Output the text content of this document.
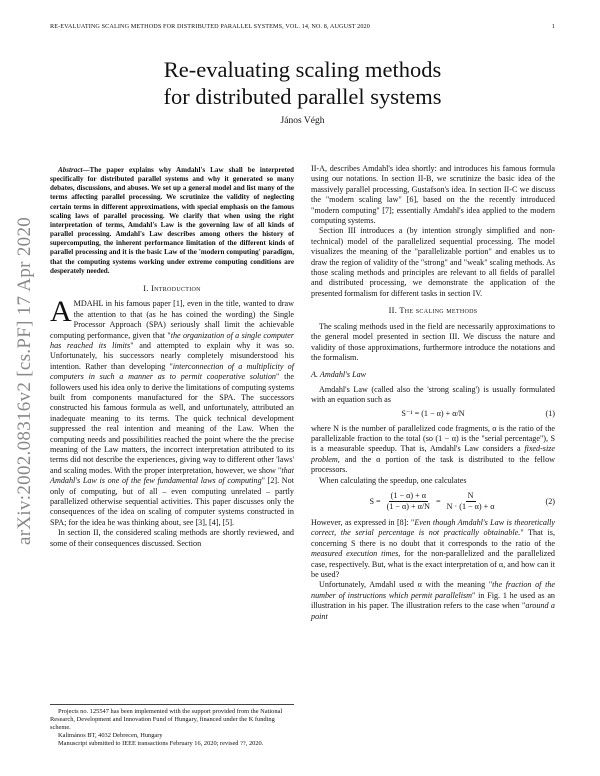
RE-EVALUATING SCALING METHODS FOR DISTRIBUTED PARALLEL SYSTEMS, VOL. 14, NO. 8, AUGUST 2020	1
arXiv:2002.08316v2 [cs.PF] 17 Apr 2020
Re-evaluating scaling methods
for distributed parallel systems
János Végh

Abstract—The paper explains why Amdahl's Law shall be interpreted specifically for distributed parallel systems and why it generated so many debates, discussions, and abuses. We set up a general model and list many of the terms affecting parallel processing. We scrutinize the validity of neglecting certain terms in different approximations, with special emphasis on the famous scaling laws of parallel processing. We clarify that when using the right interpretation of terms, Amdahl's Law is the governing law of all kinds of parallel processing. Amdahl's Law describes among others the history of supercomputing, the inherent performance limitation of the different kinds of parallel processing and it is the basic Law of the 'modern computing' paradigm, that the computing systems working under extreme computing conditions are desperately needed.

I. Introduction

AMDAHL in his famous paper [1], even in the title, wanted to draw the attention to that (as he has coined the wording) the Single Processor Approach (SPA) seriously shall limit the achievable computing performance, given that "the organization of a single computer has reached its limits" and attempted to explain why it was so. Unfortunately, his successors nearly completely misunderstood his intention. Rather than developing "interconnection of a multiplicity of computers in such a manner as to permit cooperative solution" the followers used his idea only to derive the limitations of computing systems built from components manufactured for the SPA. The successors constructed his famous formula as well, and unfortunately, attributed an inadequate meaning to its terms. The quick technical development suppressed the real intention and meaning of the Law. When the computing needs and possibilities reached the point where the the precise meaning of the Law matters, the incorrect interpretation attributed to its terms did not describe the experiences, giving way to different other 'laws' and scaling modes. With the proper interpretation, however, we show "that Amdahl's Law is one of the few fundamental laws of computing" [2]. Not only of computing, but of all – even computing unrelated – partly parallelized otherwise sequential activities. This paper discusses only the consequences of the idea on scaling of computer systems constructed in SPA; for the idea he was thinking about, see [3], [4], [5].

In section II, the considered scaling methods are shortly reviewed, and some of their consequences discussed. Section

Projects no. 125547 has been implemented with the support provided from the National Research, Development and Innovation Fund of Hungary, financed under the K funding scheme.

Kalimános BT, 4032 Debrecen, Hungary

Manuscript submitted to IEEE transactions February 16, 2020; revised ??, 2020.

II-A, describes Amdahl's idea shortly: and introduces his famous formula using our notations. In section II-B, we scrutinize the basic idea of the massively parallel processing, Gustafson's idea. In section II-C we discuss the "modern scaling law" [6], based on the the recently introduced "modern computing" [7]; essentially Amdahl's idea applied to the modern computing systems.

Section III introduces a (by intention strongly simplified and non-technical) model of the parallelized sequential processing. The model visualizes the meaning of the "parallelizable portion" and enables us to draw the region of validity of the "strong" and "weak" scaling methods. As those scaling methods and principles are relevant to all fields of parallel and distributed processing, we demonstrate the application of the presented formalism for different tasks in section IV.

II. The scaling methods

The scaling methods used in the field are necessarily approximations to the general model presented in section III. We discuss the nature and validity of those approximations, furthermore introduce the notations and the formalism.

A. Amdahl's Law

Amdahl's Law (called also the 'strong scaling') is usually formulated with an equation such as

S⁻¹ = (1 − α) + α/N	(1)

where N is the number of parallelized code fragments, α is the ratio of the parallelizable fraction to the total (so (1 − α) is the "serial percentage"), S is a measurable speedup. That is, Amdahl's Law considers a fixed-size problem, and the α portion of the task is distributed to the fellow processors.

When calculating the speedup, one calculates

$S = \frac{(1 - \alpha) + \alpha}{(1 - \alpha) + \alpha/N} = \frac{N}{N \cdot (1 - \alpha) + \alpha}$	(2)

However, as expressed in [8]: "Even though Amdahl's Law is theoretically correct, the serial percentage is not practically obtainable." That is, concerning S there is no doubt that it corresponds to the ratio of the measured execution times, for the non-parallelized and the parallelized case, respectively. But, what is the exact interpretation of α, and how can it be used?

Unfortunately, Amdahl used α with the meaning "the fraction of the number of instructions which permit parallelism" in Fig. 1 he used as an illustration in his paper. The illustration refers to the case when "around a point
